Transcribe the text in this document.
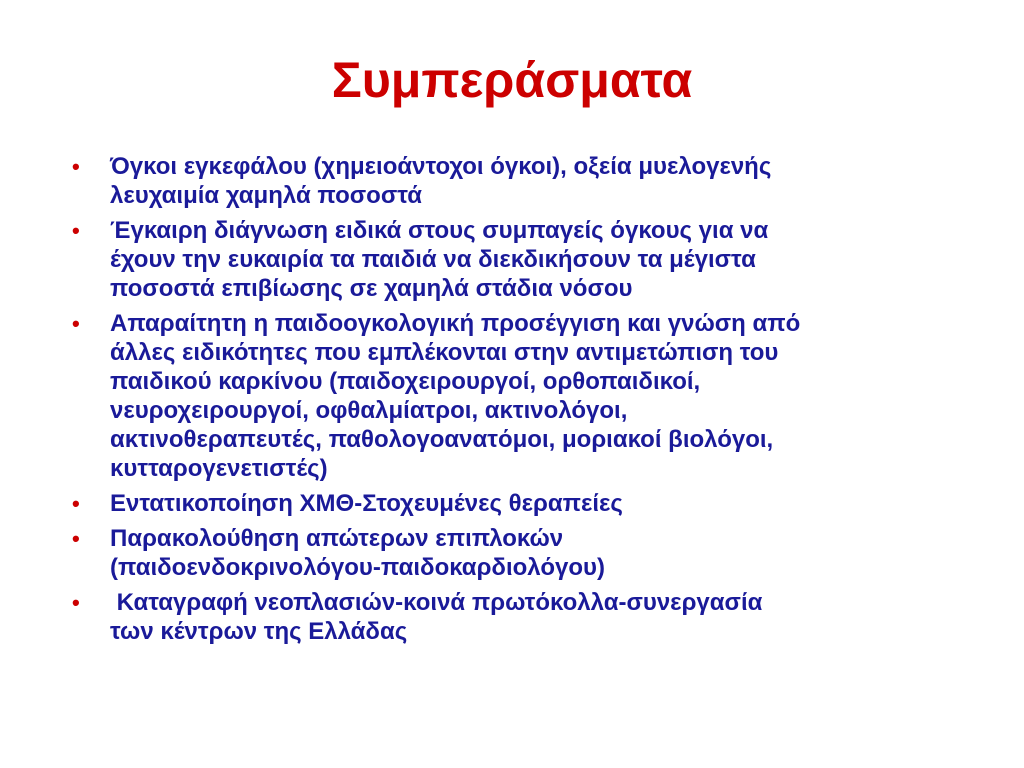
Συμπεράσματα
• Όγκοι εγκεφάλου (χημειοάντοχοι όγκοι), οξεία μυελογενής
λευχαιμία χαμηλά ποσοστά
• Έγκαιρη διάγνωση ειδικά στους συμπαγείς όγκους για να
έχουν την ευκαιρία τα παιδιά να διεκδικήσουν τα μέγιστα
ποσοστά επιβίωσης σε χαμηλά στάδια νόσου
• Απαραίτητη η παιδοογκολογική προσέγγιση και γνώση από
άλλες ειδικότητες που εμπλέκονται στην αντιμετώπιση του
παιδικού καρκίνου (παιδοχειρουργοί, ορθοπαιδικοί,
νευροχειρουργοί, οφθαλμίατροι, ακτινολόγοι,
ακτινοθεραπευτές, παθολογοανατόμοι, μοριακοί βιολόγοι,
κυτταρογενετιστές)
• Εντατικοποίηση ΧΜΘ-Στοχευμένες θεραπείες
• Παρακολούθηση απώτερων επιπλοκών
(παιδοενδοκρινολόγου-παιδοκαρδιολόγου)
• Καταγραφή νεοπλασιών-κοινά πρωτόκολλα-συνεργασία
των κέντρων της Ελλάδας
